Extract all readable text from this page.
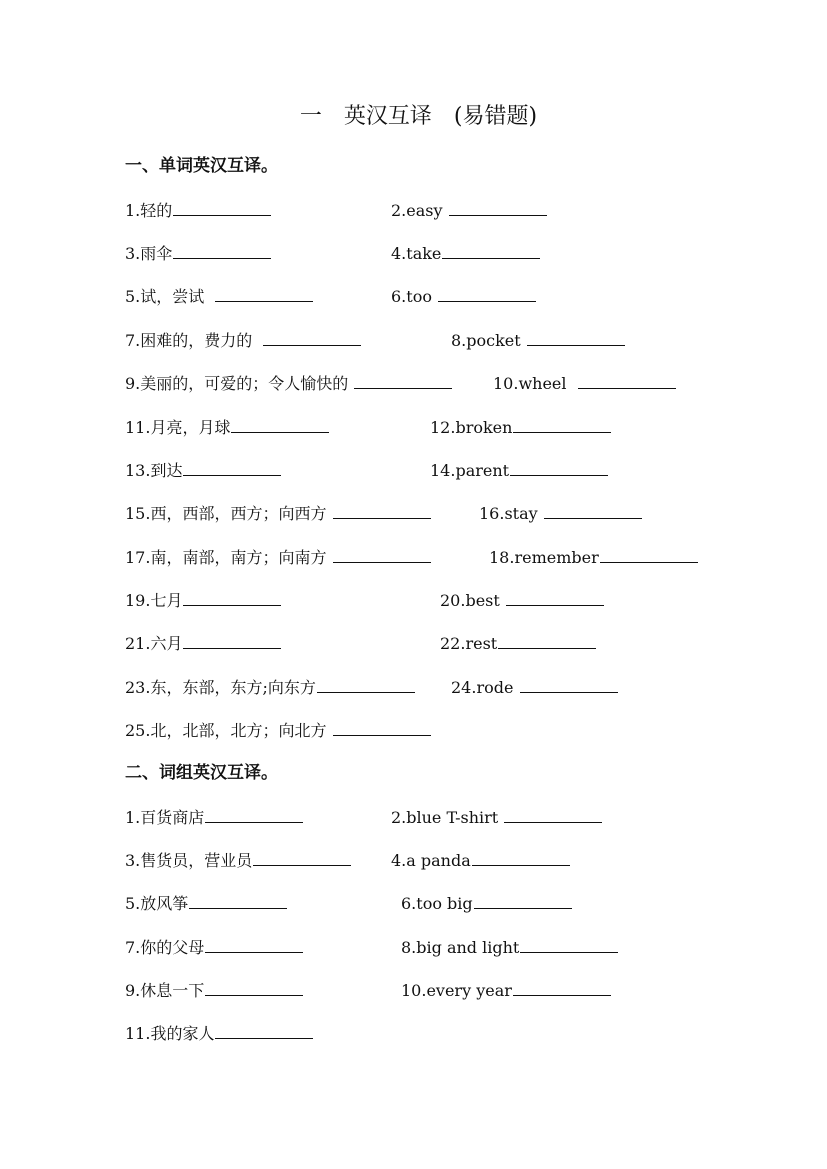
一　英汉互译　(易错题)
一、单词英汉互译。
1.轻的	2.easy
3.雨伞	4.take
5.试，尝试	6.too
7.困难的，费力的	8.pocket
9.美丽的，可爱的；令人愉快的	10.wheel
11.月亮，月球	12.broken
13.到达	14.parent
15.西，西部，西方；向西方	16.stay
17.南，南部，南方；向南方	18.remember
19.七月	20.best
21.六月	22.rest
23.东，东部，东方;向东方	24.rode
25.北，北部，北方；向北方
二、词组英汉互译。
1.百货商店	2.blue T-shirt
3.售货员，营业员	4.a panda
5.放风筝	6.too big
7.你的父母	8.big and light
9.休息一下	10.every year
11.我的家人
